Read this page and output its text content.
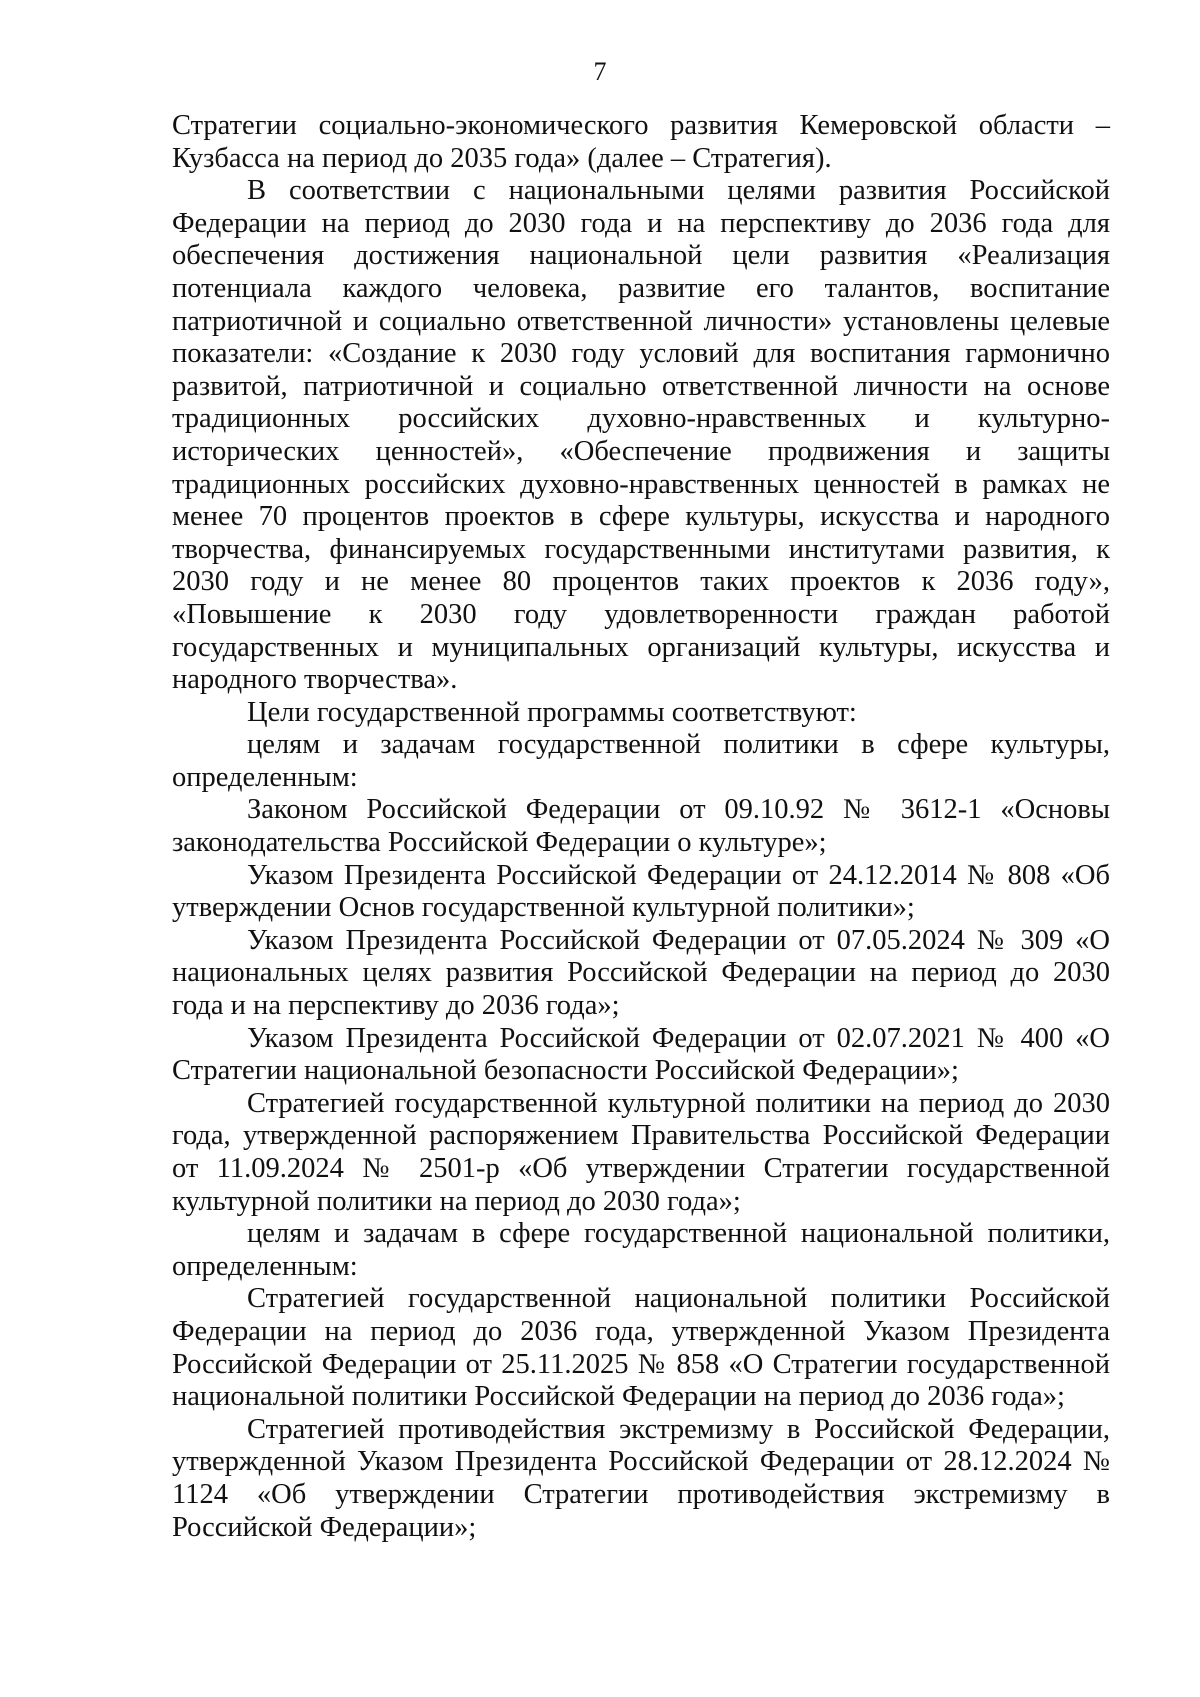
7

Стратегии социально-экономического развития Кемеровской области – Кузбасса на период до 2035 года» (далее – Стратегия).

В соответствии с национальными целями развития Российской Федерации на период до 2030 года и на перспективу до 2036 года для обеспечения достижения национальной цели развития «Реализация потенциала каждого человека, развитие его талантов, воспитание патриотичной и социально ответственной личности» установлены целевые показатели: «Создание к 2030 году условий для воспитания гармонично развитой, патриотичной и социально ответственной личности на основе традиционных российских духовно-нравственных и культурно-исторических ценностей», «Обеспечение продвижения и защиты традиционных российских духовно-нравственных ценностей в рамках не менее 70 процентов проектов в сфере культуры, искусства и народного творчества, финансируемых государственными институтами развития, к 2030 году и не менее 80 процентов таких проектов к 2036 году», «Повышение к 2030 году удовлетворенности граждан работой государственных и муниципальных организаций культуры, искусства и народного творчества».

Цели государственной программы соответствуют:

целям и задачам государственной политики в сфере культуры, определенным:

Законом Российской Федерации от 09.10.92 № 3612-1 «Основы законодательства Российской Федерации о культуре»;

Указом Президента Российской Федерации от 24.12.2014 № 808 «Об утверждении Основ государственной культурной политики»;

Указом Президента Российской Федерации от 07.05.2024 № 309 «О национальных целях развития Российской Федерации на период до 2030 года и на перспективу до 2036 года»;

Указом Президента Российской Федерации от 02.07.2021 № 400 «О Стратегии национальной безопасности Российской Федерации»;

Стратегией государственной культурной политики на период до 2030 года, утвержденной распоряжением Правительства Российской Федерации от 11.09.2024 № 2501-р «Об утверждении Стратегии государственной культурной политики на период до 2030 года»;

целям и задачам в сфере государственной национальной политики, определенным:

Стратегией государственной национальной политики Российской Федерации на период до 2036 года, утвержденной Указом Президента Российской Федерации от 25.11.2025 № 858 «О Стратегии государственной национальной политики Российской Федерации на период до 2036 года»;

Стратегией противодействия экстремизму в Российской Федерации, утвержденной Указом Президента Российской Федерации от 28.12.2024 № 1124 «Об утверждении Стратегии противодействия экстремизму в Российской Федерации»;
